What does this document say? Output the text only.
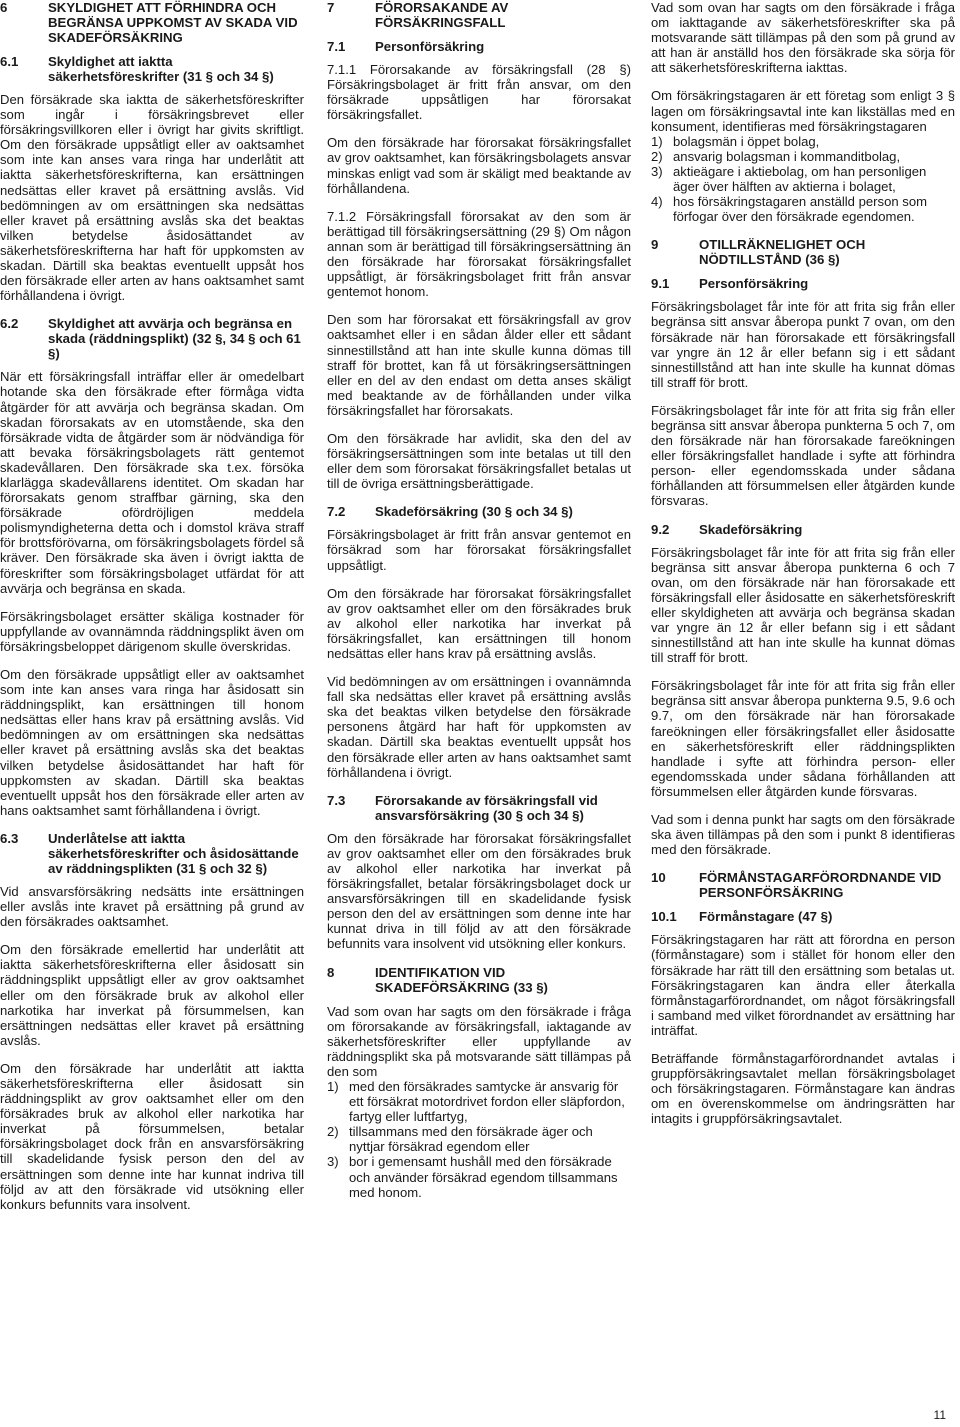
6	SKYLDIGHET ATT FÖRHINDRA OCH BEGRÄNSA UPPKOMST AV SKADA VID SKADEFÖRSÄKRING
6.1	Skyldighet att iaktta säkerhetsföreskrifter (31 § och 34 §)

Den försäkrade ska iaktta de säkerhetsföreskrifter som ingår i försäkringsbrevet eller försäkringsvillkoren eller i övrigt har givits skriftligt. Om den försäkrade uppsåtligt eller av oaktsamhet som inte kan anses vara ringa har underlåtit att iaktta säkerhetsföreskrifterna, kan ersättningen nedsättas eller kravet på ersättning avslås. Vid bedömningen av om ersättningen ska nedsättas eller kravet på ersättning avslås ska det beaktas vilken betydelse åsidosättandet av säkerhetsföreskrifterna har haft för uppkomsten av skadan. Därtill ska beaktas eventuellt uppsåt hos den försäkrade eller arten av hans oaktsamhet samt förhållandena i övrigt.

6.2	Skyldighet att avvärja och begränsa en skada (räddningsplikt) (32 §, 34 § och 61 §)

När ett försäkringsfall inträffar eller är omedelbart hotande ska den försäkrade efter förmåga vidta åtgärder för att avvärja och begränsa skadan. Om skadan förorsakats av en utomstående, ska den försäkrade vidta de åtgärder som är nödvändiga för att bevaka försäkringsbolagets rätt gentemot skadevållaren. Den försäkrade ska t.ex. försöka klarlägga skadevållarens identitet. Om skadan har förorsakats genom straffbar gärning, ska den försäkrade ofördröjligen meddela polismyndigheterna detta och i domstol kräva straff för brottsförövarna, om försäkringsbolagets fördel så kräver. Den försäkrade ska även i övrigt iaktta de föreskrifter som försäkringsbolaget utfärdat för att avvärja och begränsa en skada.

Försäkringsbolaget ersätter skäliga kostnader för uppfyllande av ovannämnda räddningsplikt även om försäkringsbeloppet därigenom skulle överskridas.

Om den försäkrade uppsåtligt eller av oaktsamhet som inte kan anses vara ringa har åsidosatt sin räddningsplikt, kan ersättningen till honom nedsättas eller hans krav på ersättning avslås. Vid bedömningen av om ersättningen ska nedsättas eller kravet på ersättning avslås ska det beaktas vilken betydelse åsidosättandet har haft för uppkomsten av skadan. Därtill ska beaktas eventuellt uppsåt hos den försäkrade eller arten av hans oaktsamhet samt förhållandena i övrigt.

6.3	Underlåtelse att iaktta säkerhetsföreskrifter och åsidosättande av räddningsplikten (31 § och 32 §)

Vid ansvarsförsäkring nedsätts inte ersättningen eller avslås inte kravet på ersättning på grund av den försäkrades oaktsamhet.

Om den försäkrade emellertid har underlåtit att iaktta säkerhetsföreskrifterna eller åsidosatt sin räddningsplikt uppsåtligt eller av grov oaktsamhet eller om den försäkrade bruk av alkohol eller narkotika har inverkat på försummelsen, kan ersättningen nedsättas eller kravet på ersättning avslås.

Om den försäkrade har underlåtit att iaktta säkerhetsföreskrifterna eller åsidosatt sin räddningsplikt av grov oaktsamhet eller om den försäkrades bruk av alkohol eller narkotika har inverkat på försummelsen, betalar försäkringsbolaget dock från en ansvarsförsäkring till skadelidande fysisk person den del av ersättningen som denne inte har kunnat indriva till följd av att den försäkrade vid utsökning eller konkurs befunnits vara insolvent.

7	FÖRORSAKANDE AV FÖRSÄKRINGSFALL
7.1	Personförsäkring

7.1.1 Förorsakande av försäkringsfall (28 §) Försäkringsbolaget är fritt från ansvar, om den försäkrade uppsåtligen har förorsakat försäkringsfallet.

Om den försäkrade har förorsakat försäkringsfallet av grov oaktsamhet, kan försäkringsbolagets ansvar minskas enligt vad som är skäligt med beaktande av förhållandena.

7.1.2 Försäkringsfall förorsakat av den som är berättigad till försäkringsersättning (29 §) Om någon annan som är berättigad till försäkringsersättning än den försäkrade har förorsakat försäkringsfallet uppsåtligt, är försäkringsbolaget fritt från ansvar gentemot honom.

Den som har förorsakat ett försäkringsfall av grov oaktsamhet eller i en sådan ålder eller ett sådant sinnestillstånd att han inte skulle kunna dömas till straff för brottet, kan få ut försäkringsersättningen eller en del av den endast om detta anses skäligt med beaktande av de förhållanden under vilka försäkringsfallet har förorsakats.

Om den försäkrade har avlidit, ska den del av försäkringsersättningen som inte betalas ut till den eller dem som förorsakat försäkringsfallet betalas ut till de övriga ersättningsberättigade.

7.2	Skadeförsäkring (30 § och 34 §)

Försäkringsbolaget är fritt från ansvar gentemot en försäkrad som har förorsakat försäkringsfallet uppsåtligt.

Om den försäkrade har förorsakat försäkringsfallet av grov oaktsamhet eller om den försäkrades bruk av alkohol eller narkotika har inverkat på försäkringsfallet, kan ersättningen till honom nedsättas eller hans krav på ersättning avslås.

Vid bedömningen av om ersättningen i ovannämnda fall ska nedsättas eller kravet på ersättning avslås ska det beaktas vilken betydelse den försäkrade personens åtgärd har haft för uppkomsten av skadan. Därtill ska beaktas eventuellt uppsåt hos den försäkrade eller arten av hans oaktsamhet samt förhållandena i övrigt.

7.3	Förorsakande av försäkringsfall vid ansvarsförsäkring (30 § och 34 §)

Om den försäkrade har förorsakat försäkringsfallet av grov oaktsamhet eller om den försäkrades bruk av alkohol eller narkotika har inverkat på försäkringsfallet, betalar försäkringsbolaget dock ur ansvarsförsäkringen till en skadelidande fysisk person den del av ersättningen som denne inte har kunnat driva in till följd av att den försäkrade befunnits vara insolvent vid utsökning eller konkurs.

8	IDENTIFIKATION VID SKADEFÖRSÄKRING (33 §)

Vad som ovan har sagts om den försäkrade i fråga om förorsakande av försäkringsfall, iaktagande av säkerhetsföreskrifter eller uppfyllande av räddningsplikt ska på motsvarande sätt tillämpas på den som

1) med den försäkrades samtycke är ansvarig för ett försäkrat motordrivet fordon eller släpfordon, fartyg eller luftfartyg,
2) tillsammans med den försäkrade äger och nyttjar försäkrad egendom eller
3) bor i gemensamt hushåll med den försäkrade och använder försäkrad egendom tillsammans med honom.

Vad som ovan har sagts om den försäkrade i fråga om iakttagande av säkerhetsföreskrifter ska på motsvarande sätt tillämpas på den som på grund av att han är anställd hos den försäkrade ska sörja för att säkerhetsföreskrifterna iakttas.

Om försäkringstagaren är ett företag som enligt 3 § lagen om försäkringsavtal inte kan likställas med en konsument, identifieras med försäkringstagaren

1) bolagsmän i öppet bolag,
2) ansvarig bolagsman i kommanditbolag,
3) aktieägare i aktiebolag, om han personligen äger över hälften av aktierna i bolaget,
4) hos försäkringstagaren anställd person som förfogar över den försäkrade egendomen.
9	OTILLRÄKNELIGHET OCH NÖDTILLSTÅND (36 §)
9.1	Personförsäkring

Försäkringsbolaget får inte för att frita sig från eller begränsa sitt ansvar åberopa punkt 7 ovan, om den försäkrade när han förorsakade ett försäkringsfall var yngre än 12 år eller befann sig i ett sådant sinnestillstånd att han inte skulle ha kunnat dömas till straff för brott.

Försäkringsbolaget får inte för att frita sig från eller begränsa sitt ansvar åberopa punkterna 5 och 7, om den försäkrade när han förorsakade fareökningen eller försäkringsfallet handlade i syfte att förhindra person- eller egendomsskada under sådana förhållanden att försummelsen eller åtgärden kunde försvaras.

9.2	Skadeförsäkring

Försäkringsbolaget får inte för att frita sig från eller begränsa sitt ansvar åberopa punkterna 6 och 7 ovan, om den försäkrade när han förorsakade ett försäkringsfall eller åsidosatte en säkerhetsföreskrift eller skyldigheten att avvärja och begränsa skadan var yngre än 12 år eller befann sig i ett sådant sinnestillstånd att han inte skulle ha kunnat dömas till straff för brott.

Försäkringsbolaget får inte för att frita sig från eller begränsa sitt ansvar åberopa punkterna 9.5, 9.6 och 9.7, om den försäkrade när han förorsakade fareökningen eller försäkringsfallet eller åsidosatte en säkerhetsföreskrift eller räddningsplikten handlade i syfte att förhindra person- eller egendomsskada under sådana förhållanden att försummelsen eller åtgärden kunde försvaras.

Vad som i denna punkt har sagts om den försäkrade ska även tillämpas på den som i punkt 8 identifieras med den försäkrade.

10	FÖRMÅNSTAGARFÖRORDNANDE VID PERSONFÖRSÄKRING
10.1	Förmånstagare (47 §)

Försäkringstagaren har rätt att förordna en person (förmånstagare) som i stället för honom eller den försäkrade har rätt till den ersättning som betalas ut. Försäkringstagaren kan ändra eller återkalla förmånstagarförordnandet, om något försäkringsfall i samband med vilket förordnandet av ersättning har inträffat.

Beträffande förmånstagarförordnandet avtalas i gruppförsäkringsavtalet mellan försäkringsbolaget och försäkringstagaren. Förmånstagare kan ändras om en överenskommelse om ändringsrätten har intagits i gruppförsäkringsavtalet.

11
